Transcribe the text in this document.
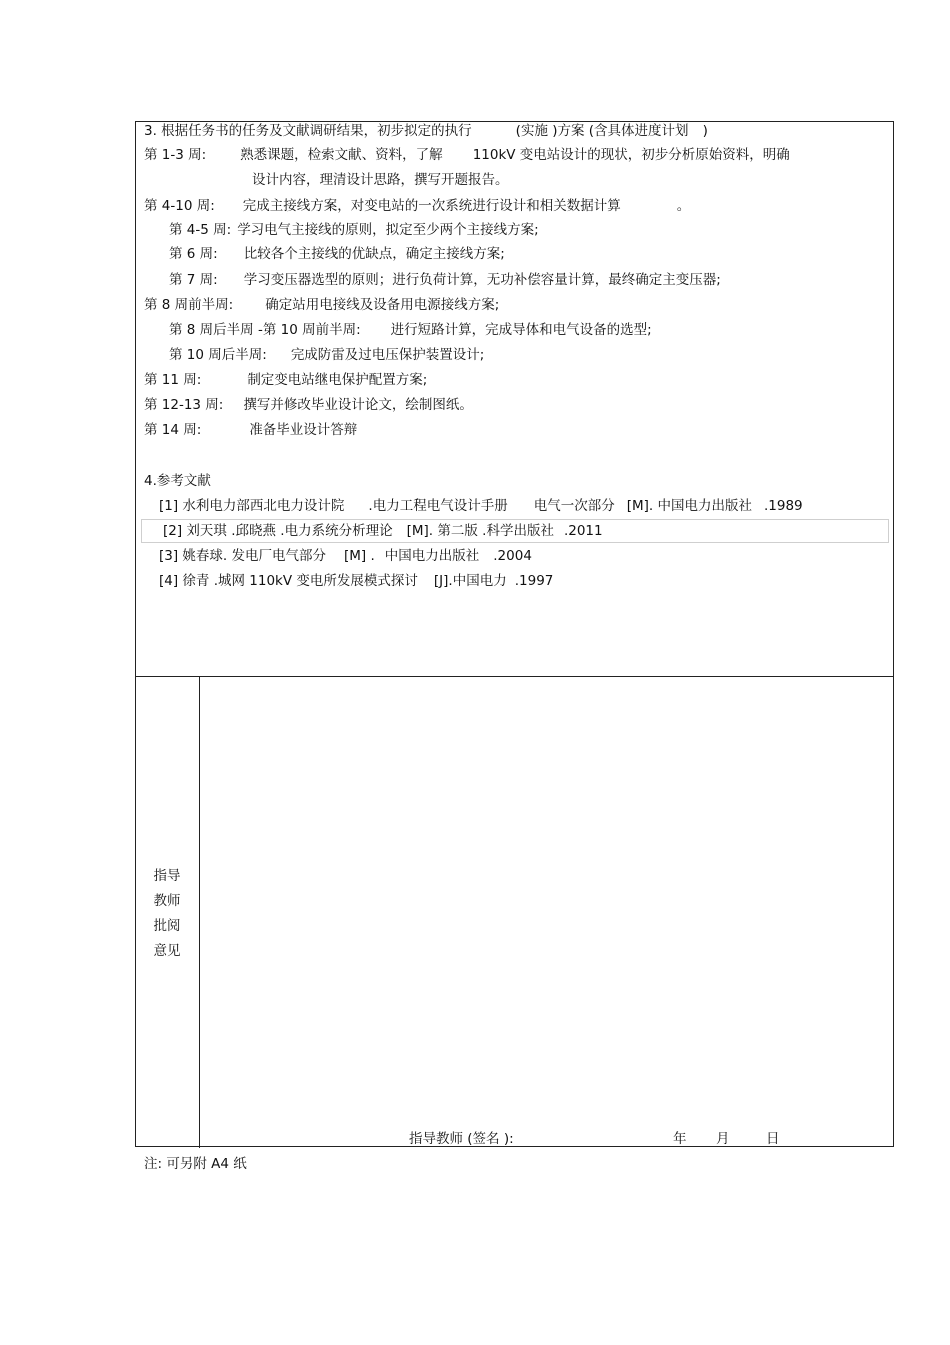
3. 根据任务书的任务及文献调研结果，初步拟定的执行	(实施 )方案 (含具体进度计划 )
第 1-3 周:	熟悉课题，检索文献、资料，了解 110kV 变电站设计的现状，初步分析原始资料，明确
设计内容，理清设计思路，撰写开题报告。
第 4-10 周: 完成主接线方案，对变电站的一次系统进行设计和相关数据计算	。
第 4-5 周: 学习电气主接线的原则，拟定至少两个主接线方案;
第 6 周: 比较各个主接线的优缺点，确定主接线方案;
第 7 周: 学习变压器选型的原则；进行负荷计算，无功补偿容量计算，最终确定主变压器;
第 8 周前半周: 确定站用电接线及设备用电源接线方案;
第 8 周后半周 -第 10 周前半周: 进行短路计算，完成导体和电气设备的选型;
第 10 周后半周: 完成防雷及过电压保护装置设计;
第 11 周:	制定变电站继电保护配置方案;
第 12-13 周: 撰写并修改毕业设计论文，绘制图纸。
第 14 周:	准备毕业设计答辩
4.参考文献
[1] 水利电力部西北电力设计院 .电力工程电气设计手册 电气一次部分 [M]. 中国电力出版社 .1989
[2] 刘天琪 .邱晓燕 .电力系统分析理论 [M]. 第二版 .科学出版社 .2011
[3] 姚春球. 发电厂电气部分 [M] . 中国电力出版社 .2004
[4] 徐青 .城网 110kV 变电所发展模式探讨 [J].中国电力 .1997
指导
教师
批阅
意见
指导教师 (签名 ):	年 月	日
注: 可另附 A4 纸
